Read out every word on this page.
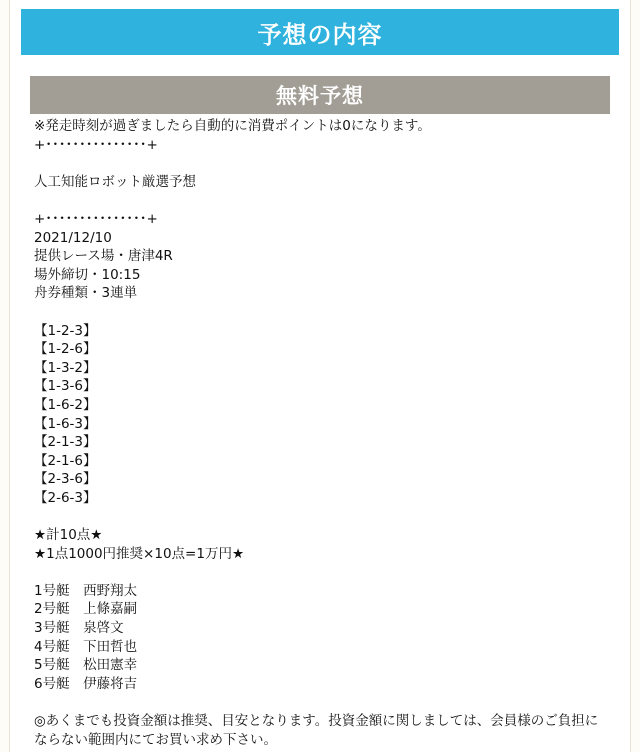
予想の内容
無料予想
※発走時刻が過ぎましたら自動的に消費ポイントは0になります。
+･･･････････････+
人工知能ロボット厳選予想
+･･･････････････+
2021/12/10
提供レース場・唐津4R
場外締切・10:15
舟券種類・3連単
【1-2-3】
【1-2-6】
【1-3-2】
【1-3-6】
【1-6-2】
【1-6-3】
【2-1-3】
【2-1-6】
【2-3-6】
【2-6-3】
★計10点★
★1点1000円推奨×10点=1万円★
1号艇　西野翔太
2号艇　上條嘉嗣
3号艇　泉啓文
4号艇　下田哲也
5号艇　松田憲幸
6号艇　伊藤将吉
◎あくまでも投資金額は推奨、目安となります。投資金額に関しましては、会員様のご負担にならない範囲内にてお買い求め下さい。
